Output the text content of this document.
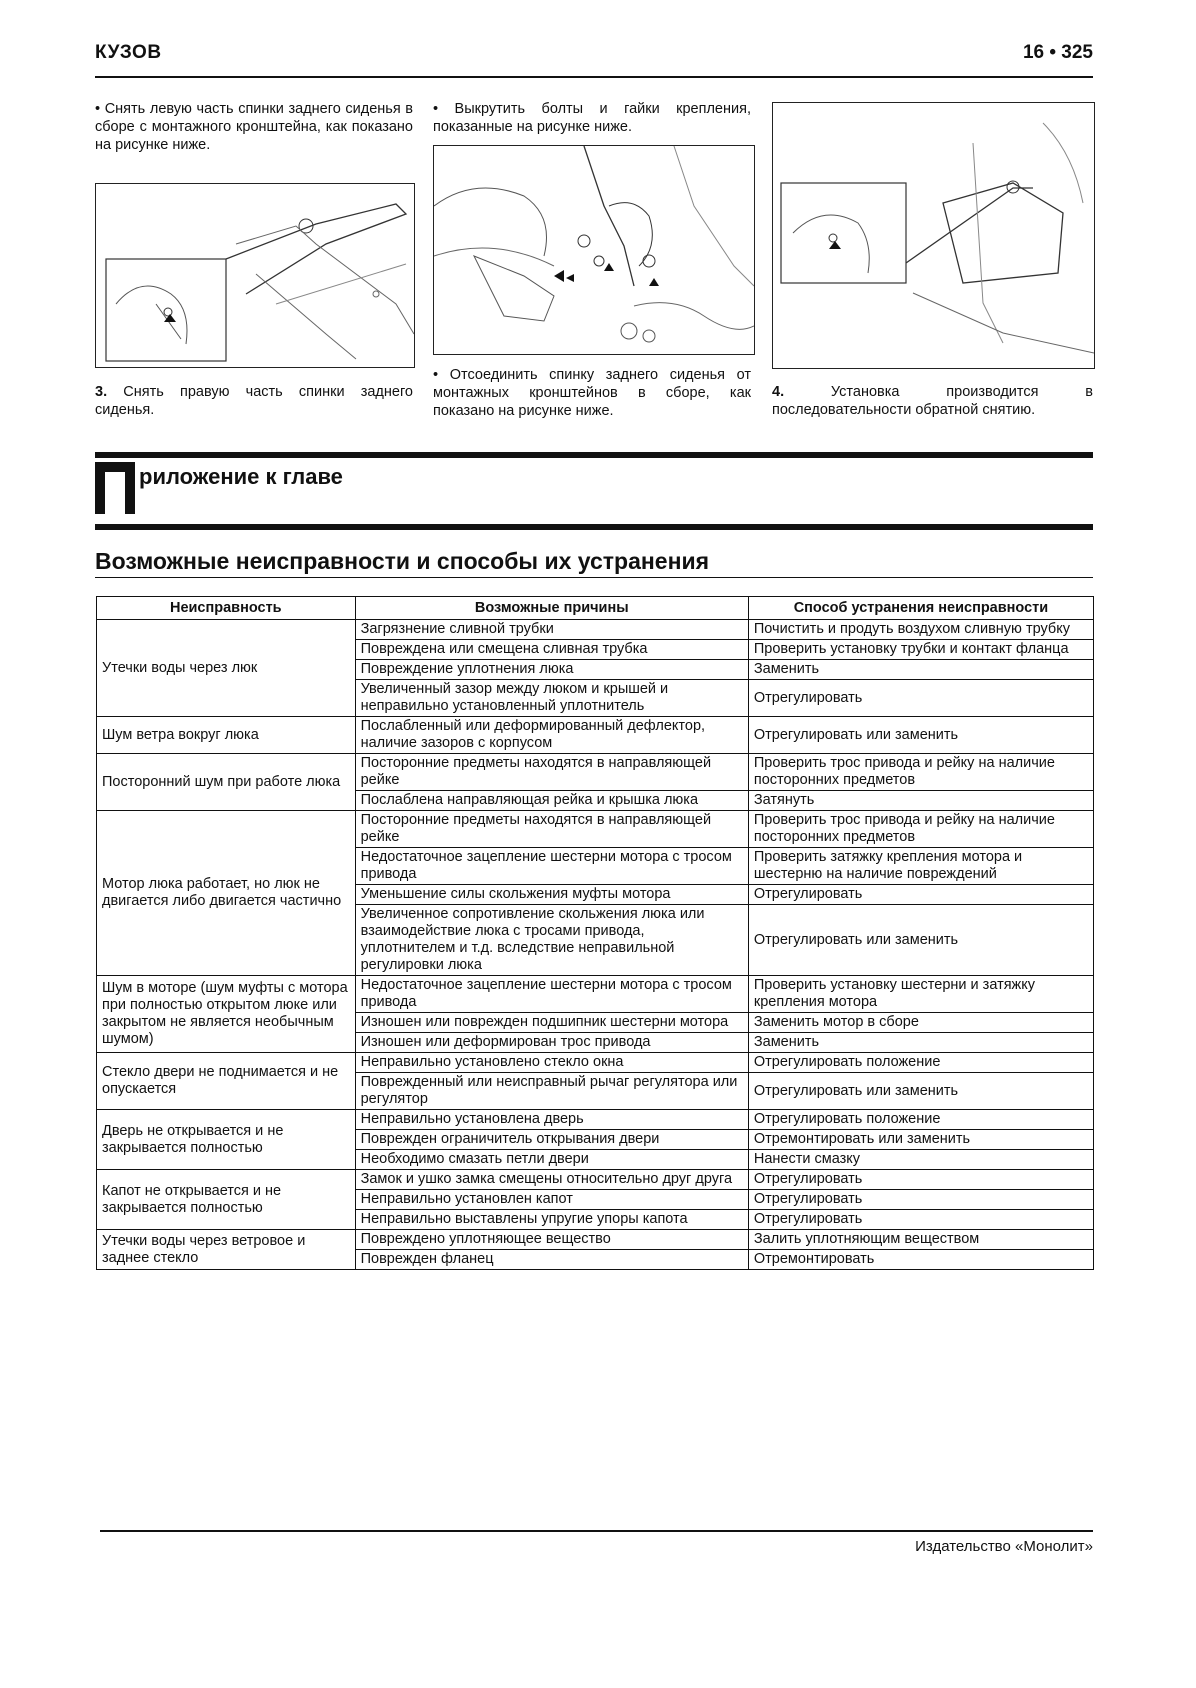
КУЗОВ	16 • 325

• Снять левую часть спинки заднего сиденья в сборе с монтажного кронштейна, как показано на рисунке ниже.

3. Снять правую часть спинки заднего сиденья.

• Выкрутить болты и гайки крепления, показанные на рисунке ниже.

• Отсоединить спинку заднего сиденья от монтажных кронштейнов в сборе, как показано на рисунке ниже.

4. Установка производится в последовательности обратной снятию.

риложение к главе
Возможные неисправности и способы их устранения
Неисправность	Возможные причины	Способ устранения неисправности
Утечки воды через люк	Загрязнение сливной трубки	Почистить и продуть воздухом сливную трубку
	Повреждена или смещена сливная трубка	Проверить установку трубки и контакт фланца
	Повреждение уплотнения люка	Заменить
	Увеличенный зазор между люком и крышей и неправильно установленный уплотнитель	Отрегулировать
Шум ветра вокруг люка	Послабленный или деформированный дефлектор, наличие зазоров с корпусом	Отрегулировать или заменить
Посторонний шум при работе люка	Посторонние предметы находятся в направляющей рейке	Проверить трос привода и рейку на наличие посторонних предметов
	Послаблена направляющая рейка и крышка люка	Затянуть
Мотор люка работает, но люк не двигается либо двигается частично	Посторонние предметы находятся в направляющей рейке	Проверить трос привода и рейку на наличие посторонних предметов
	Недостаточное зацепление шестерни мотора с тросом привода	Проверить затяжку крепления мотора и шестерню на наличие повреждений
	Уменьшение силы скольжения муфты мотора	Отрегулировать
	Увеличенное сопротивление скольжения люка или взаимодействие люка с тросами привода, уплотнителем и т.д. вследствие неправильной регулировки люка	Отрегулировать или заменить
Шум в моторе (шум муфты с мотора при полностью открытом люке или закрытом не является необычным шумом)	Недостаточное зацепление шестерни мотора с тросом привода	Проверить установку шестерни и затяжку крепления мотора
	Изношен или поврежден подшипник шестерни мотора	Заменить мотор в сборе
	Изношен или деформирован трос привода	Заменить
Стекло двери не поднимается и не опускается	Неправильно установлено стекло окна	Отрегулировать положение
	Поврежденный или неисправный рычаг регулятора или регулятор	Отрегулировать или заменить
Дверь не открывается и не закрывается полностью	Неправильно установлена дверь	Отрегулировать положение
	Поврежден ограничитель открывания двери	Отремонтировать или заменить
	Необходимо смазать петли двери	Нанести смазку
Капот не открывается и не закрывается полностью	Замок и ушко замка смещены относительно друг друга	Отрегулировать
	Неправильно установлен капот	Отрегулировать
	Неправильно выставлены упругие упоры капота	Отрегулировать
Утечки воды через ветровое и заднее стекло	Повреждено уплотняющее вещество	Залить уплотняющим веществом
	Поврежден фланец	Отремонтировать
Издательство «Монолит»
